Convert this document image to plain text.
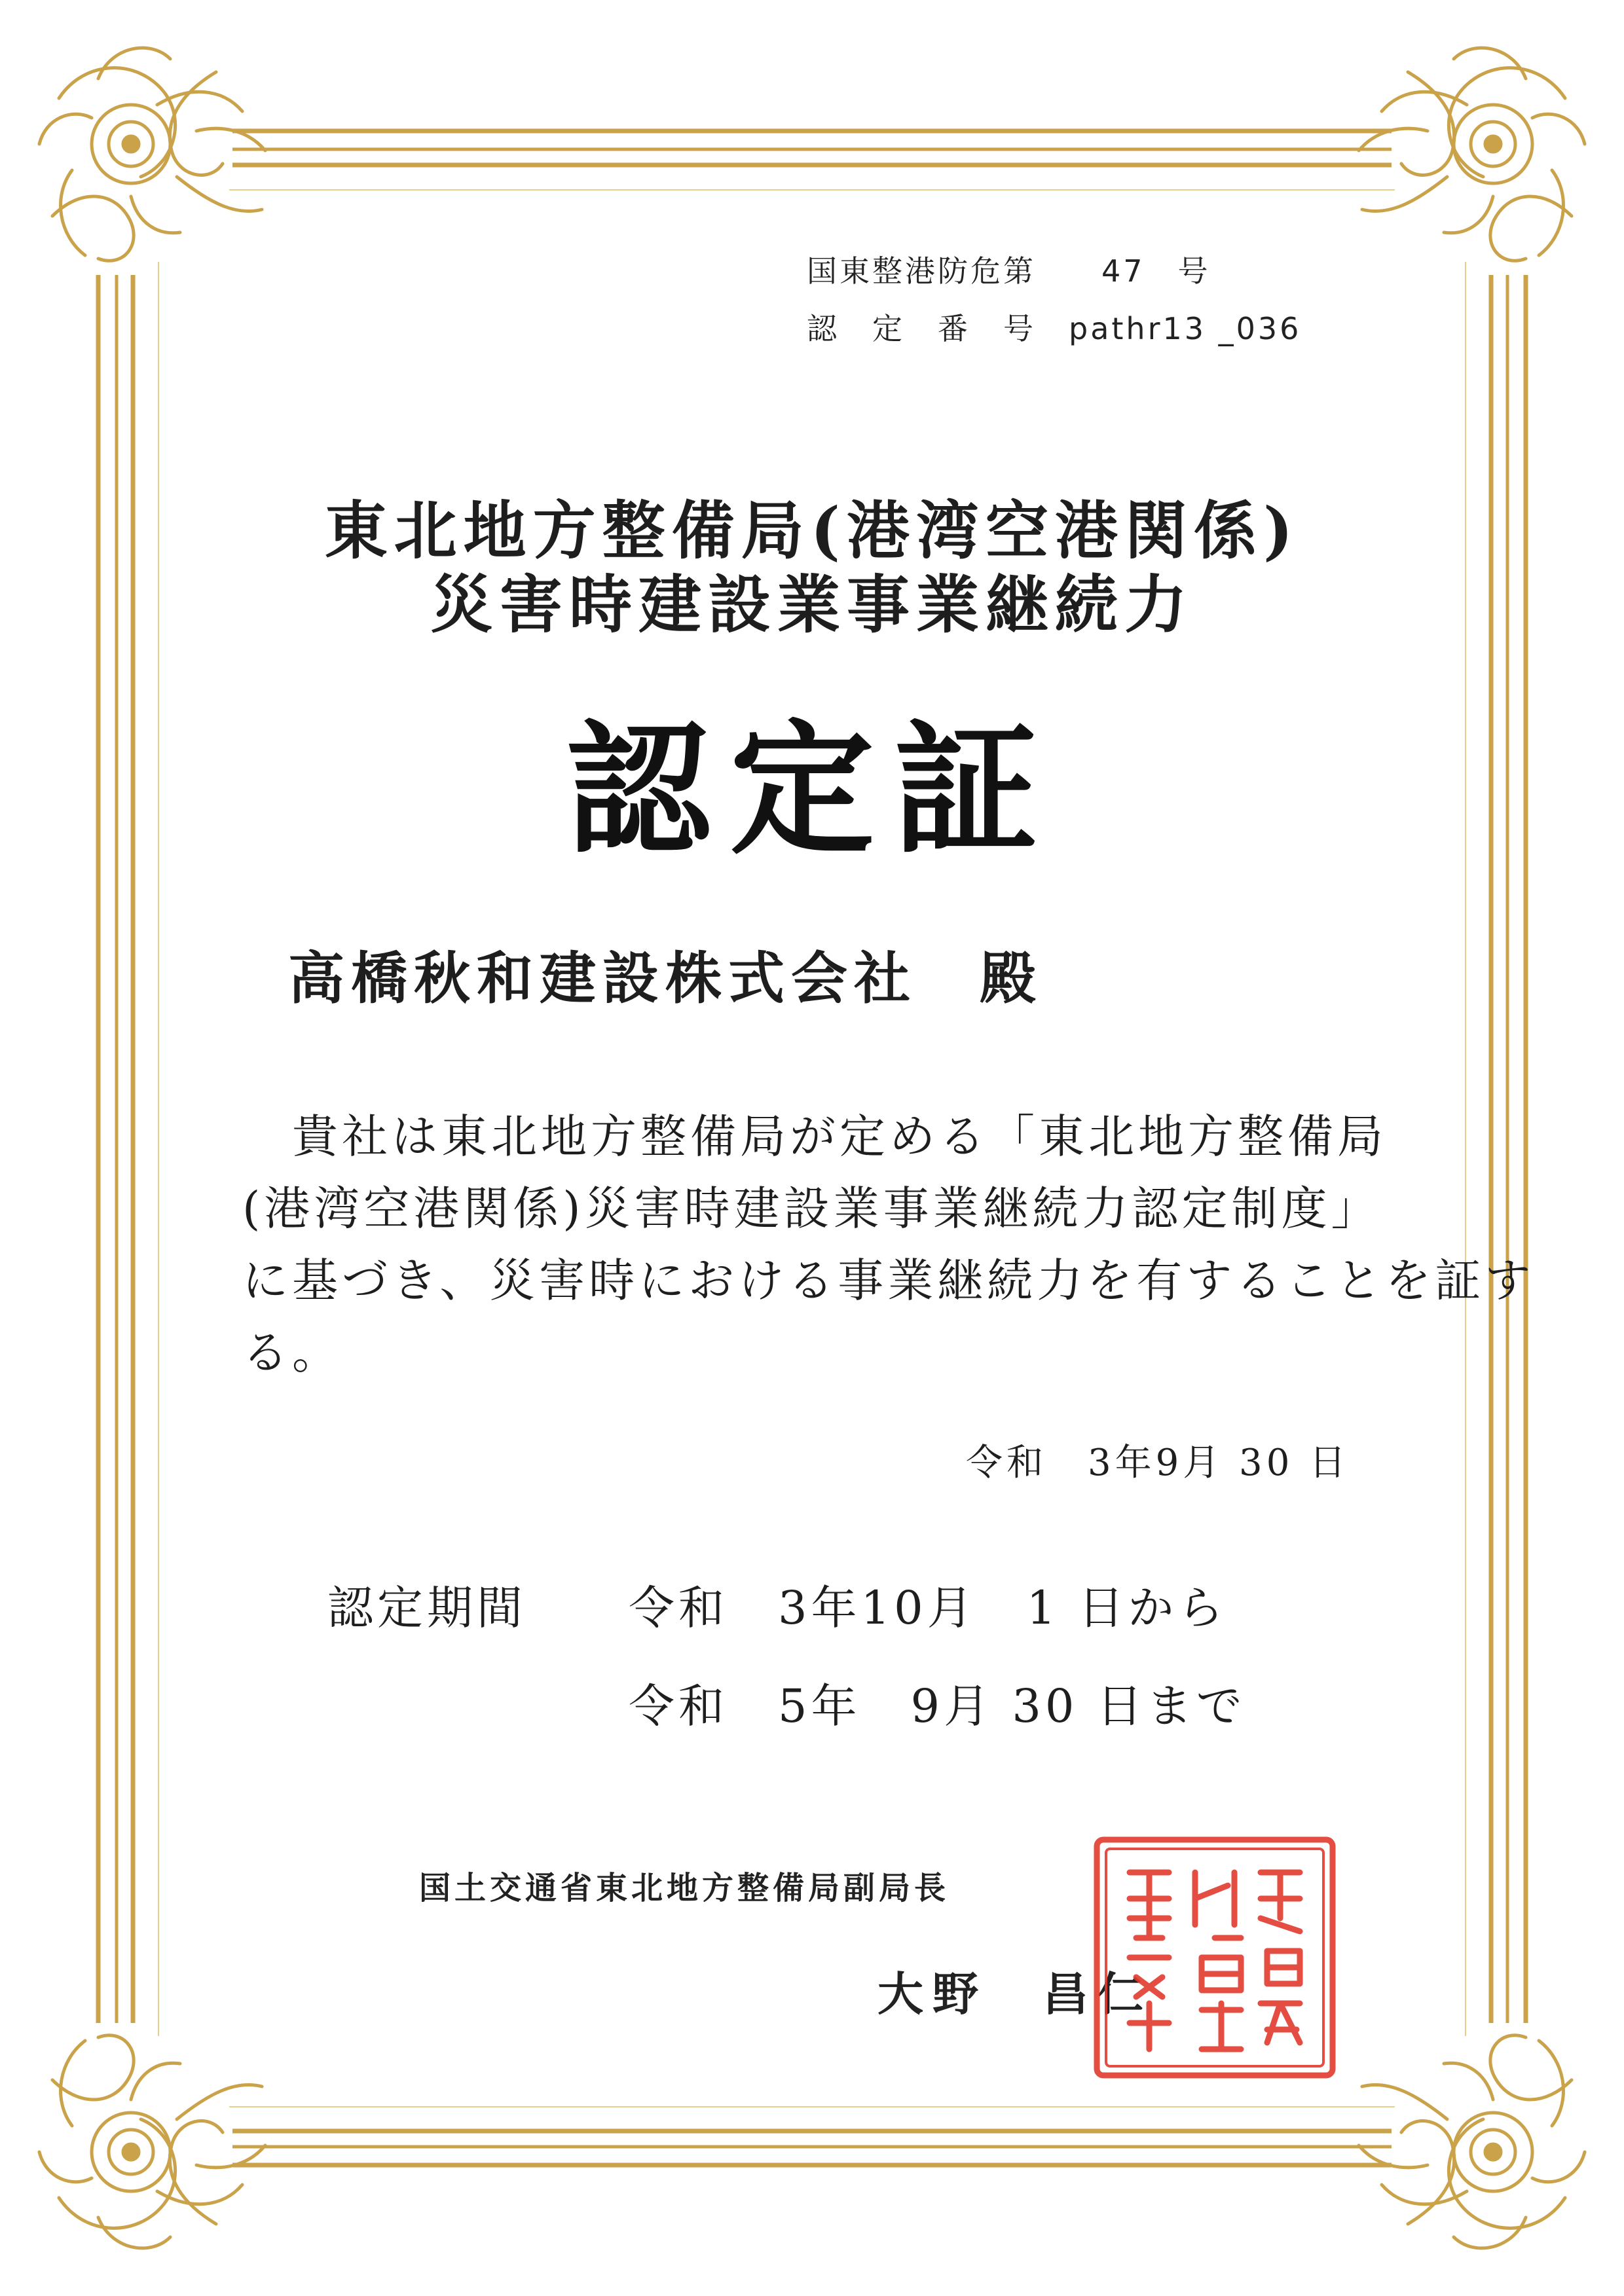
国東整港防危第　　47　号
認　定　番　号　pathr13 _036
東北地方整備局(港湾空港関係)
災害時建設業事業継続力
認定証
高橋秋和建設株式会社　殿
　貴社は東北地方整備局が定める「東北地方整備局
(港湾空港関係)災害時建設業事業継続力認定制度」
に基づき、災害時における事業継続力を有することを証す
る。
令和　3年9月 30 日
認定期間 令和　3年10月　1 日から
令和　5年　9月 30 日まで
国土交通省東北地方整備局副局長
大野　昌仁
